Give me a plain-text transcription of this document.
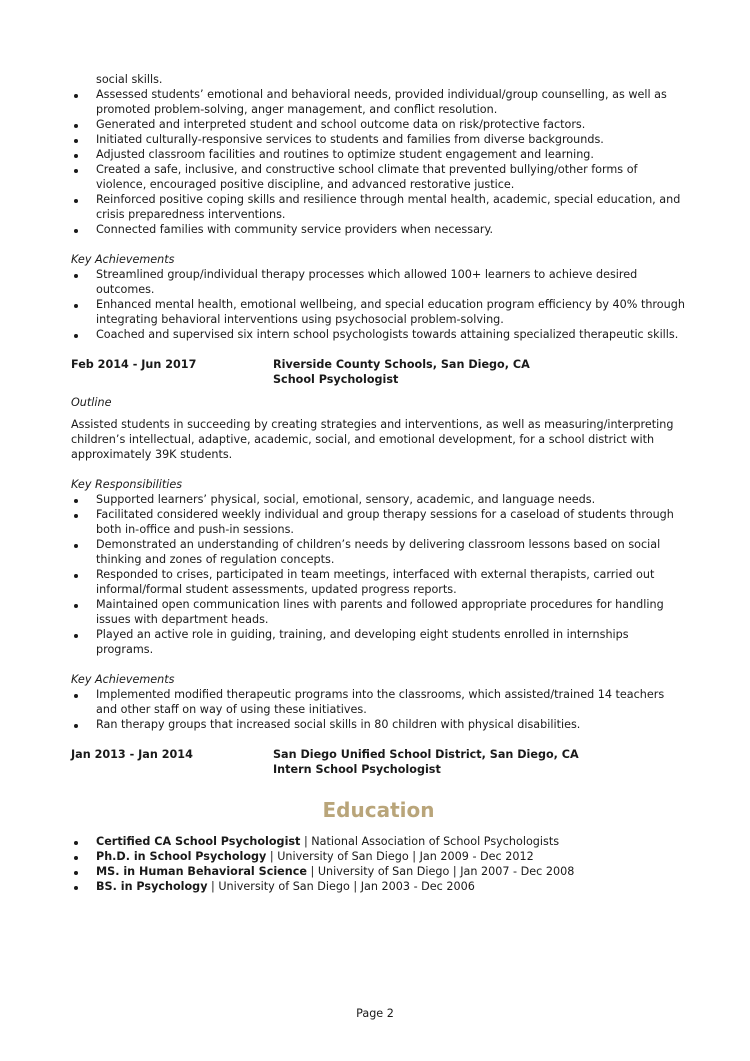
social skills.
Assessed students’ emotional and behavioral needs, provided individual/group counselling, as well as promoted problem-solving, anger management, and conflict resolution.
Generated and interpreted student and school outcome data on risk/protective factors.
Initiated culturally-responsive services to students and families from diverse backgrounds.
Adjusted classroom facilities and routines to optimize student engagement and learning.
Created a safe, inclusive, and constructive school climate that prevented bullying/other forms of violence, encouraged positive discipline, and advanced restorative justice.
Reinforced positive coping skills and resilience through mental health, academic, special education, and crisis preparedness interventions.
Connected families with community service providers when necessary.
Key Achievements
Streamlined group/individual therapy processes which allowed 100+ learners to achieve desired outcomes.
Enhanced mental health, emotional wellbeing, and special education program efficiency by 40% through integrating behavioral interventions using psychosocial problem-solving.
Coached and supervised six intern school psychologists towards attaining specialized therapeutic skills.
Feb 2014 - Jun 2017	Riverside County Schools, San Diego, CA
School Psychologist
Outline
Assisted students in succeeding by creating strategies and interventions, as well as measuring/interpreting children’s intellectual, adaptive, academic, social, and emotional development, for a school district with approximately 39K students.
Key Responsibilities
Supported learners’ physical, social, emotional, sensory, academic, and language needs.
Facilitated considered weekly individual and group therapy sessions for a caseload of students through both in-office and push-in sessions.
Demonstrated an understanding of children’s needs by delivering classroom lessons based on social thinking and zones of regulation concepts.
Responded to crises, participated in team meetings, interfaced with external therapists, carried out informal/formal student assessments, updated progress reports.
Maintained open communication lines with parents and followed appropriate procedures for handling issues with department heads.
Played an active role in guiding, training, and developing eight students enrolled in internships programs.
Key Achievements
Implemented modified therapeutic programs into the classrooms, which assisted/trained 14 teachers and other staff on way of using these initiatives.
Ran therapy groups that increased social skills in 80 children with physical disabilities.
Jan 2013 - Jan 2014	San Diego Unified School District, San Diego, CA
Intern School Psychologist
Education
Certified CA School Psychologist | National Association of School Psychologists
Ph.D. in School Psychology | University of San Diego | Jan 2009 - Dec 2012
MS. in Human Behavioral Science | University of San Diego | Jan 2007 - Dec 2008
BS. in Psychology | University of San Diego | Jan 2003 - Dec 2006
Page 2
